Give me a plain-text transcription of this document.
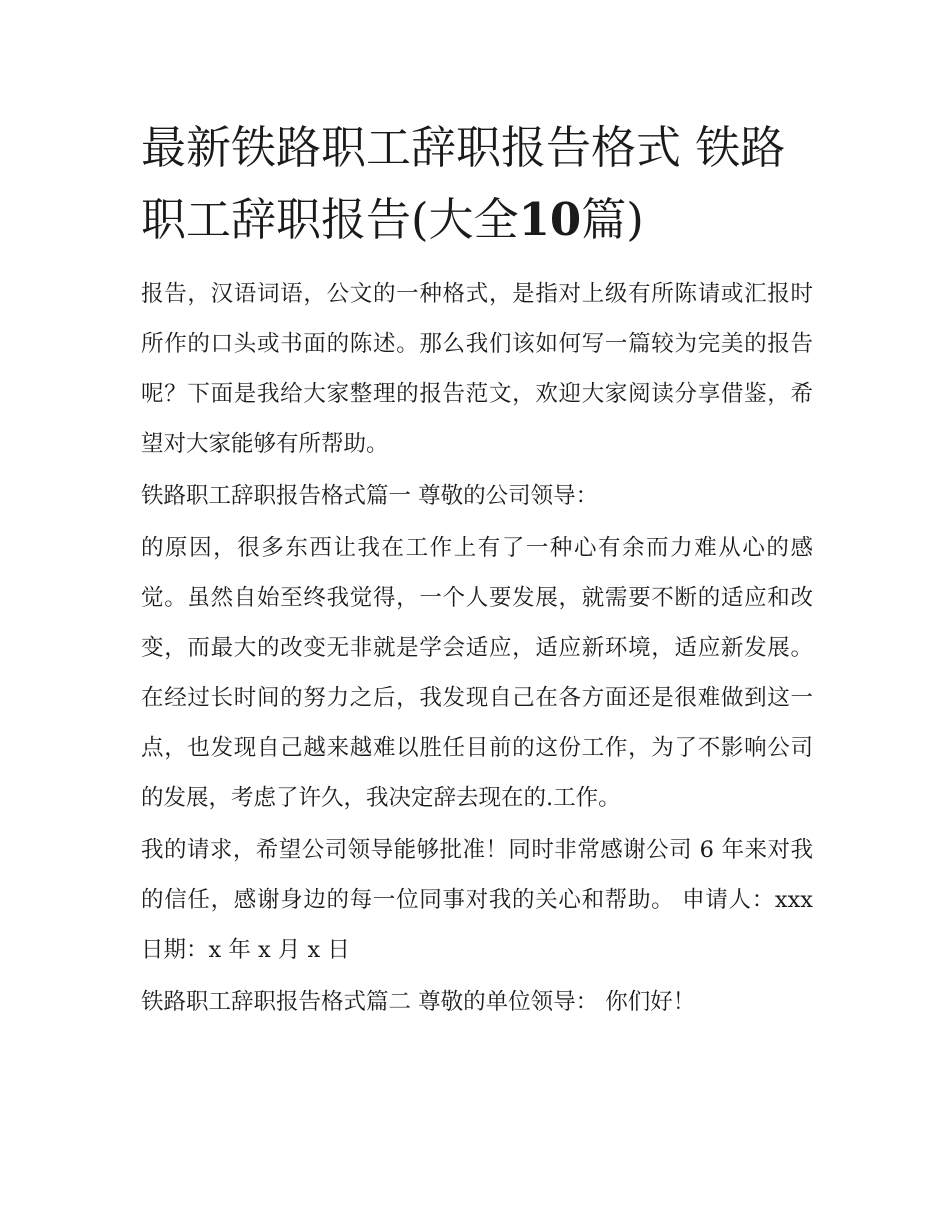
最新铁路职工辞职报告格式 铁路职工辞职报告(大全10篇)

报告，汉语词语，公文的一种格式，是指对上级有所陈请或汇报时所作的口头或书面的陈述。那么我们该如何写一篇较为完美的报告呢？下面是我给大家整理的报告范文，欢迎大家阅读分享借鉴，希望对大家能够有所帮助。

铁路职工辞职报告格式篇一 尊敬的公司领导：

的原因，很多东西让我在工作上有了一种心有余而力难从心的感觉。虽然自始至终我觉得，一个人要发展，就需要不断的适应和改变，而最大的改变无非就是学会适应，适应新环境，适应新发展。在经过长时间的努力之后，我发现自己在各方面还是很难做到这一点，也发现自己越来越难以胜任目前的这份工作，为了不影响公司的发展，考虑了许久，我决定辞去现在的.工作。

我的请求，希望公司领导能够批准！同时非常感谢公司 6 年来对我的信任，感谢身边的每一位同事对我的关心和帮助。 申请人：xxx 日期：x 年 x 月 x 日

铁路职工辞职报告格式篇二 尊敬的单位领导： 你们好！
